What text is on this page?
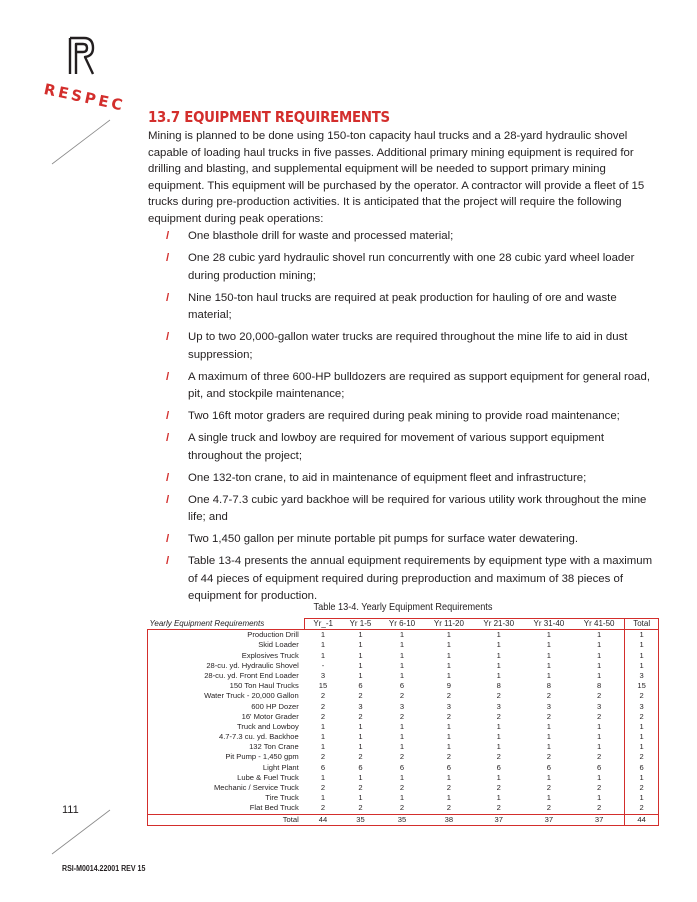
RESPEC
13.7 EQUIPMENT REQUIREMENTS

Mining is planned to be done using 150-ton capacity haul trucks and a 28-yard hydraulic shovel capable of loading haul trucks in five passes. Additional primary mining equipment is required for drilling and blasting, and supplemental equipment will be needed to support primary mining equipment. This equipment will be purchased by the operator. A contractor will provide a fleet of 15 trucks during pre-production activities. It is anticipated that the project will require the following equipment during peak operations:

/ One blasthole drill for waste and processed material;
/ One 28 cubic yard hydraulic shovel run concurrently with one 28 cubic yard wheel loader during production mining;
/ Nine 150-ton haul trucks are required at peak production for hauling of ore and waste material;
/ Up to two 20,000-gallon water trucks are required throughout the mine life to aid in dust suppression;
/ A maximum of three 600-HP bulldozers are required as support equipment for general road, pit, and stockpile maintenance;
/ Two 16ft motor graders are required during peak mining to provide road maintenance;
/ A single truck and lowboy are required for movement of various support equipment throughout the project;
/ One 132-ton crane, to aid in maintenance of equipment fleet and infrastructure;
/ One 4.7-7.3 cubic yard backhoe will be required for various utility work throughout the mine life; and
/ Two 1,450 gallon per minute portable pit pumps for surface water dewatering.
/ Table 13-4 presents the annual equipment requirements by equipment type with a maximum of 44 pieces of equipment required during preproduction and maximum of 38 pieces of equipment for production.
Table 13-4. Yearly Equipment Requirements
Yearly Equipment Requirements	Yr_-1	Yr 1-5	Yr 6-10	Yr 11-20	Yr 21-30	Yr 31-40	Yr 41-50	Total
Production Drill	1	1	1	1	1	1	1	1
Skid Loader	1	1	1	1	1	1	1	1
Explosives Truck	1	1	1	1	1	1	1	1
28-cu. yd. Hydraulic Shovel	-	1	1	1	1	1	1	1
28-cu. yd. Front End Loader	3	1	1	1	1	1	1	3
150 Ton Haul Trucks	15	6	6	9	8	8	8	15
Water Truck - 20,000 Gallon	2	2	2	2	2	2	2	2
600 HP Dozer	2	3	3	3	3	3	3	3
16' Motor Grader	2	2	2	2	2	2	2	2
Truck and Lowboy	1	1	1	1	1	1	1	1
4.7-7.3 cu. yd. Backhoe	1	1	1	1	1	1	1	1
132 Ton Crane	1	1	1	1	1	1	1	1
Pit Pump - 1,450 gpm	2	2	2	2	2	2	2	2
Light Plant	6	6	6	6	6	6	6	6
Lube & Fuel Truck	1	1	1	1	1	1	1	1
Mechanic / Service Truck	2	2	2	2	2	2	2	2
Tire Truck	1	1	1	1	1	1	1	1
Flat Bed Truck	2	2	2	2	2	2	2	2
Total	44	35	35	38	37	37	37	44
111
RSI-M0014.22001 REV 15
